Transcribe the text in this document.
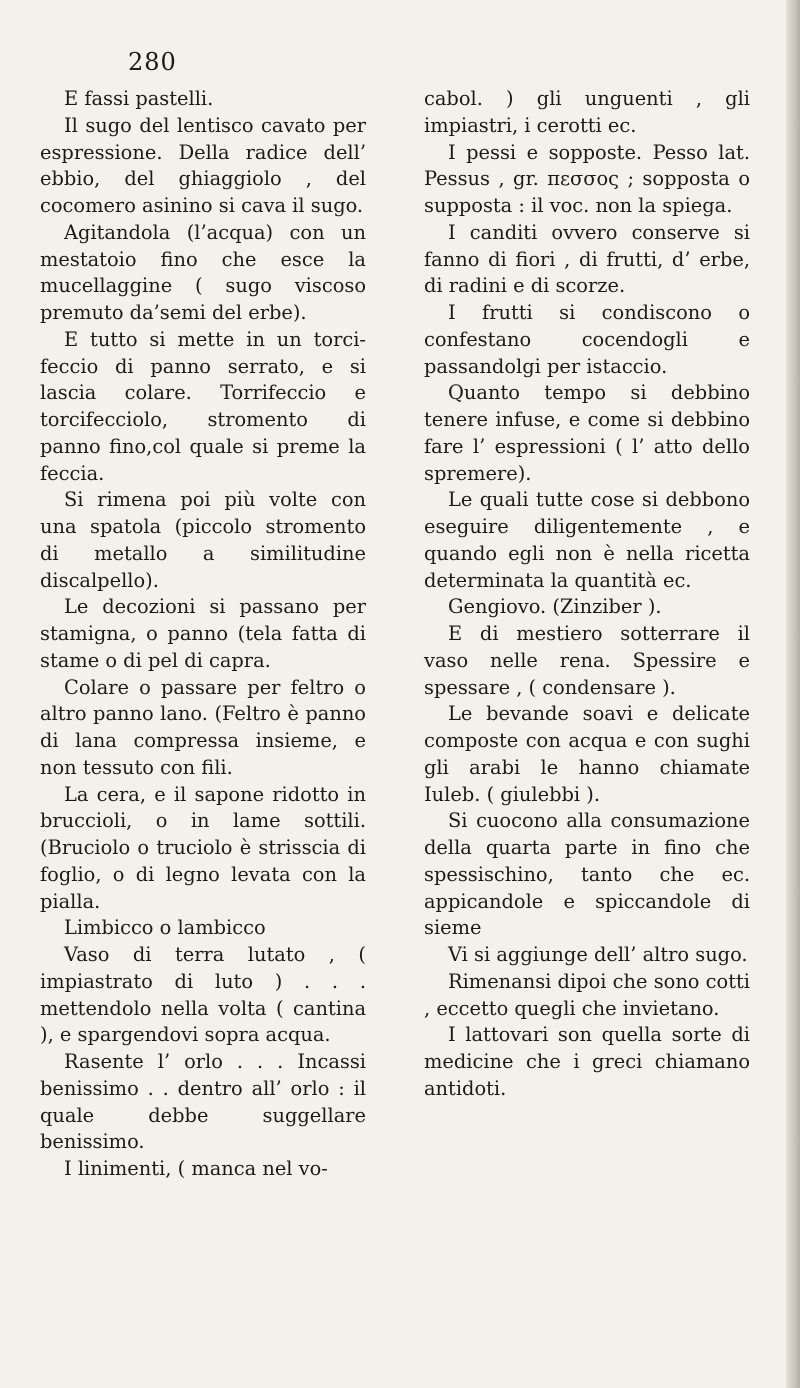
280

E fassi pastelli.

Il sugo del lentisco cavato per espressione. Della radice dell’ ebbio, del ghiaggiolo , del cocomero asinino si cava il sugo.

Agitandola (l’acqua) con un mestatoio fino che esce la mucellaggine ( sugo viscoso premuto da’semi del erbe).

E tutto si mette in un torci-feccio di panno serrato, e si lascia colare. Torrifeccio e torcifecciolo, stromento di panno fino,col quale si preme la feccia.

Si rimena poi più volte con una spatola (piccolo stromento di metallo a similitudine discalpello).

Le decozioni si passano per stamigna, o panno (tela fatta di stame o di pel di capra.

Colare o passare per feltro o altro panno lano. (Feltro è panno di lana compressa insieme, e non tessuto con fili.

La cera, e il sapone ridotto in bruccioli, o in lame sottili. (Bruciolo o truciolo è strisscia di foglio, o di legno levata con la pialla.

Limbicco o lambicco

Vaso di terra lutato , ( impiastrato di luto ) . . . mettendolo nella volta ( cantina ), e spargendovi sopra acqua.

Rasente l’ orlo . . . Incassi benissimo . . dentro all’ orlo : il quale debbe suggellare benissimo.

I linimenti, ( manca nel vo-

cabol. ) gli unguenti , gli impiastri, i cerotti ec.

I pessi e sopposte. Pesso lat. Pessus , gr. πεσσος ; sopposta o supposta : il voc. non la spiega.

I canditi ovvero conserve si fanno di fiori , di frutti, d’ erbe, di radini e di scorze.

I frutti si condiscono o confestano cocendogli e passandolgi per istaccio.

Quanto tempo si debbino tenere infuse, e come si debbino fare l’ espressioni ( l’ atto dello spremere).

Le quali tutte cose si debbono eseguire diligentemente , e quando egli non è nella ricetta determinata la quantità ec.

Gengiovo. (Zinziber ).

E di mestiero sotterrare il vaso nelle rena. Spessire e spessare , ( condensare ).

Le bevande soavi e delicate composte con acqua e con sughi gli arabi le hanno chiamate Iuleb. ( giulebbi ).

Si cuocono alla consumazione della quarta parte in fino che spessischino, tanto che ec. appicandole e spiccandole di sieme

Vi si aggiunge dell’ altro sugo.

Rimenansi dipoi che sono cotti , eccetto quegli che invietano.

I lattovari son quella sorte di medicine che i greci chiamano antidoti.
